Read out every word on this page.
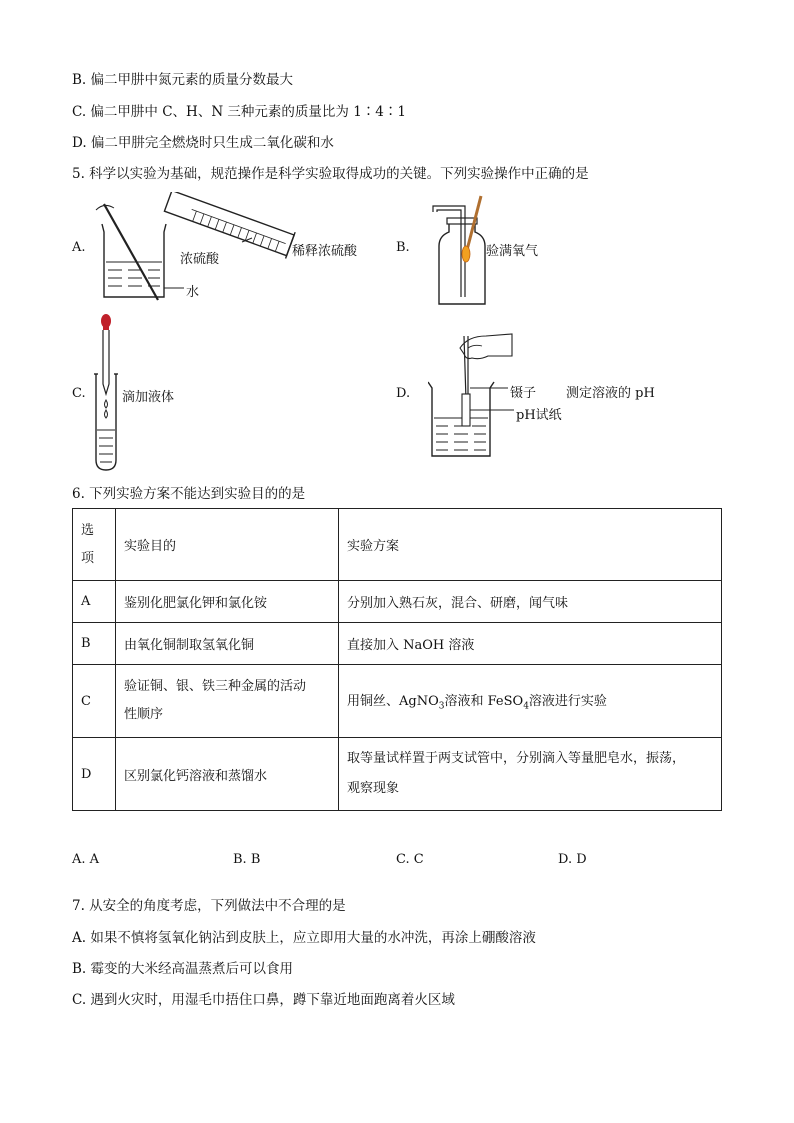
B. 偏二甲肼中氮元素的质量分数最大
C. 偏二甲肼中 C、H、N 三种元素的质量比为 1∶4∶1
D. 偏二甲肼完全燃烧时只生成二氧化碳和水
5. 科学以实验为基础，规范操作是科学实验取得成功的关键。下列实验操作中正确的是
A.
浓硫酸
水
稀释浓硫酸	B.	验满氧气
C.	滴加液体	D.	镊子 测定溶液的 pH
pH试纸
6. 下列实验方案不能达到实验目的的是
选
项	实验目的	实验方案
A	鉴别化肥氯化钾和氯化铵	分别加入熟石灰，混合、研磨，闻气味
B	由氧化铜制取氢氧化铜	直接加入 NaOH 溶液
C	验证铜、银、铁三种金属的活动
性顺序	用铜丝、AgNO$_3$溶液和 FeSO$_4$溶液进行实验
D	区别氯化钙溶液和蒸馏水	取等量试样置于两支试管中，分别滴入等量肥皂水，振荡，
观察现象
A. A	B. B	C. C	D. D
7. 从安全的角度考虑，下列做法中不合理的是
A. 如果不慎将氢氧化钠沾到皮肤上，应立即用大量的水冲洗，再涂上硼酸溶液
B. 霉变的大米经高温蒸煮后可以食用
C. 遇到火灾时，用湿毛巾捂住口鼻，蹲下靠近地面跑离着火区域
